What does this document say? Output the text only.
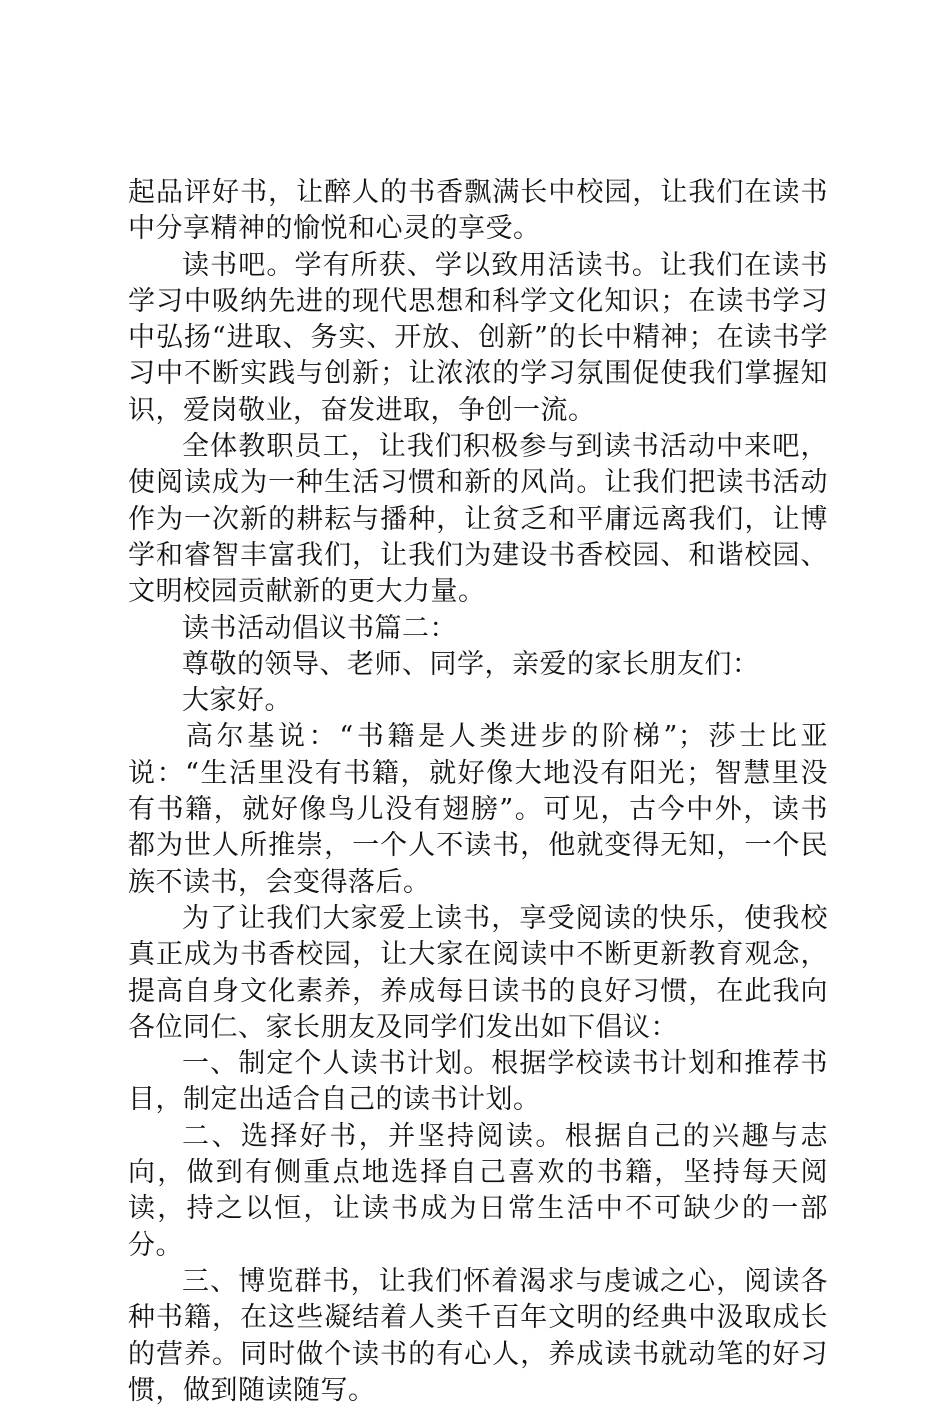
起品评好书，让醉人的书香飘满长中校园，让我们在读书中分享精神的愉悦和心灵的享受。

读书吧。学有所获、学以致用活读书。让我们在读书学习中吸纳先进的现代思想和科学文化知识；在读书学习中弘扬“进取、务实、开放、创新”的长中精神；在读书学习中不断实践与创新；让浓浓的学习氛围促使我们掌握知识，爱岗敬业，奋发进取，争创一流。

全体教职员工，让我们积极参与到读书活动中来吧，使阅读成为一种生活习惯和新的风尚。让我们把读书活动作为一次新的耕耘与播种，让贫乏和平庸远离我们，让博学和睿智丰富我们，让我们为建设书香校园、和谐校园、文明校园贡献新的更大力量。

读书活动倡议书篇二：

尊敬的领导、老师、同学，亲爱的家长朋友们：

大家好。

高尔基说：“书籍是人类进步的阶梯”；莎士比亚说：“生活里没有书籍，就好像大地没有阳光；智慧里没有书籍，就好像鸟儿没有翅膀”。可见，古今中外，读书都为世人所推崇，一个人不读书，他就变得无知，一个民族不读书，会变得落后。

为了让我们大家爱上读书，享受阅读的快乐，使我校真正成为书香校园，让大家在阅读中不断更新教育观念，提高自身文化素养，养成每日读书的良好习惯，在此我向各位同仁、家长朋友及同学们发出如下倡议：

一、制定个人读书计划。根据学校读书计划和推荐书目，制定出适合自己的读书计划。

二、选择好书，并坚持阅读。根据自己的兴趣与志向，做到有侧重点地选择自己喜欢的书籍，坚持每天阅读，持之以恒，让读书成为日常生活中不可缺少的一部分。

三、博览群书，让我们怀着渴求与虔诚之心，阅读各种书籍，在这些凝结着人类千百年文明的经典中汲取成长的营养。同时做个读书的有心人，养成读书就动笔的好习惯，做到随读随写。
